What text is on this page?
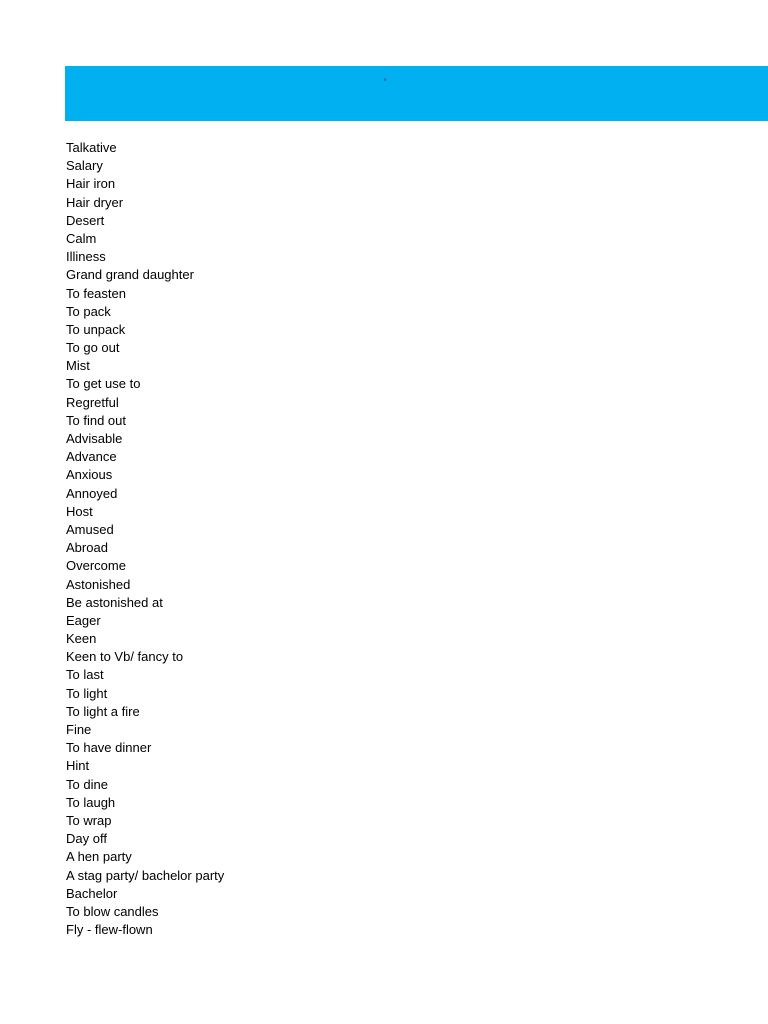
'
Talkative
Salary
Hair iron
Hair dryer
Desert
Calm
Illiness
Grand grand daughter
To feasten
To pack
To unpack
To go out
Mist
To get use to
Regretful
To find out
Advisable
Advance
Anxious
Annoyed
Host
Amused
Abroad
Overcome
Astonished
Be astonished at
Eager
Keen
Keen to Vb/ fancy to
To last
To light
To light a fire
Fine
To have dinner
Hint
To dine
To laugh
To wrap
Day off
A hen party
A stag party/ bachelor party
Bachelor
To blow candles
Fly - flew-flown
